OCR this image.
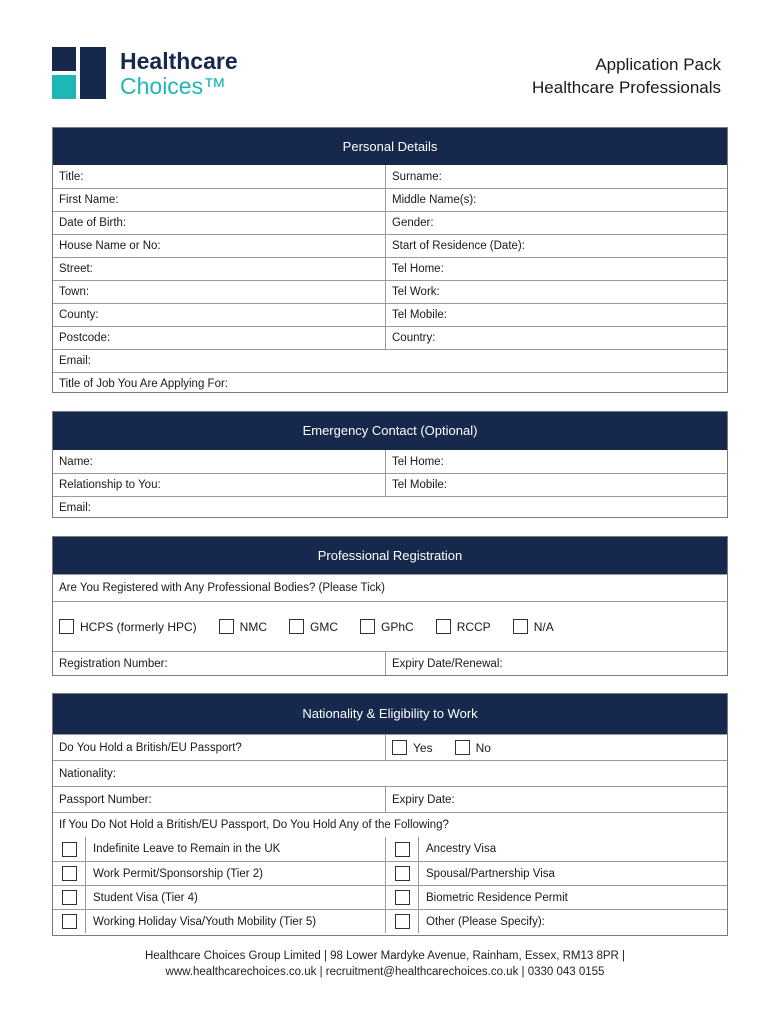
Healthcare
Choices™
Application Pack
Healthcare Professionals
Personal Details
Title:	Surname:
First Name:	Middle Name(s):
Date of Birth:	Gender:
House Name or No:	Start of Residence (Date):
Street:	Tel Home:
Town:	Tel Work:
County:	Tel Mobile:
Postcode:	Country:
Email:
Title of Job You Are Applying For:
Emergency Contact (Optional)
Name:	Tel Home:
Relationship to You:	Tel Mobile:
Email:
Professional Registration
Are You Registered with Any Professional Bodies? (Please Tick)
HCPS (formerly HPC)	NMC	GMC	GPhC	RCCP	N/A
Registration Number:	Expiry Date/Renewal:
Nationality & Eligibility to Work
Do You Hold a British/EU Passport?	Yes	No
Nationality:
Passport Number:	Expiry Date:
If You Do Not Hold a British/EU Passport, Do You Hold Any of the Following?
Indefinite Leave to Remain in the UK	Ancestry Visa
Work Permit/Sponsorship (Tier 2)	Spousal/Partnership Visa
Student Visa (Tier 4)	Biometric Residence Permit
Working Holiday Visa/Youth Mobility (Tier 5)	Other (Please Specify):
Healthcare Choices Group Limited | 98 Lower Mardyke Avenue, Rainham, Essex, RM13 8PR |
www.healthcarechoices.co.uk | recruitment@healthcarechoices.co.uk | 0330 043 0155
